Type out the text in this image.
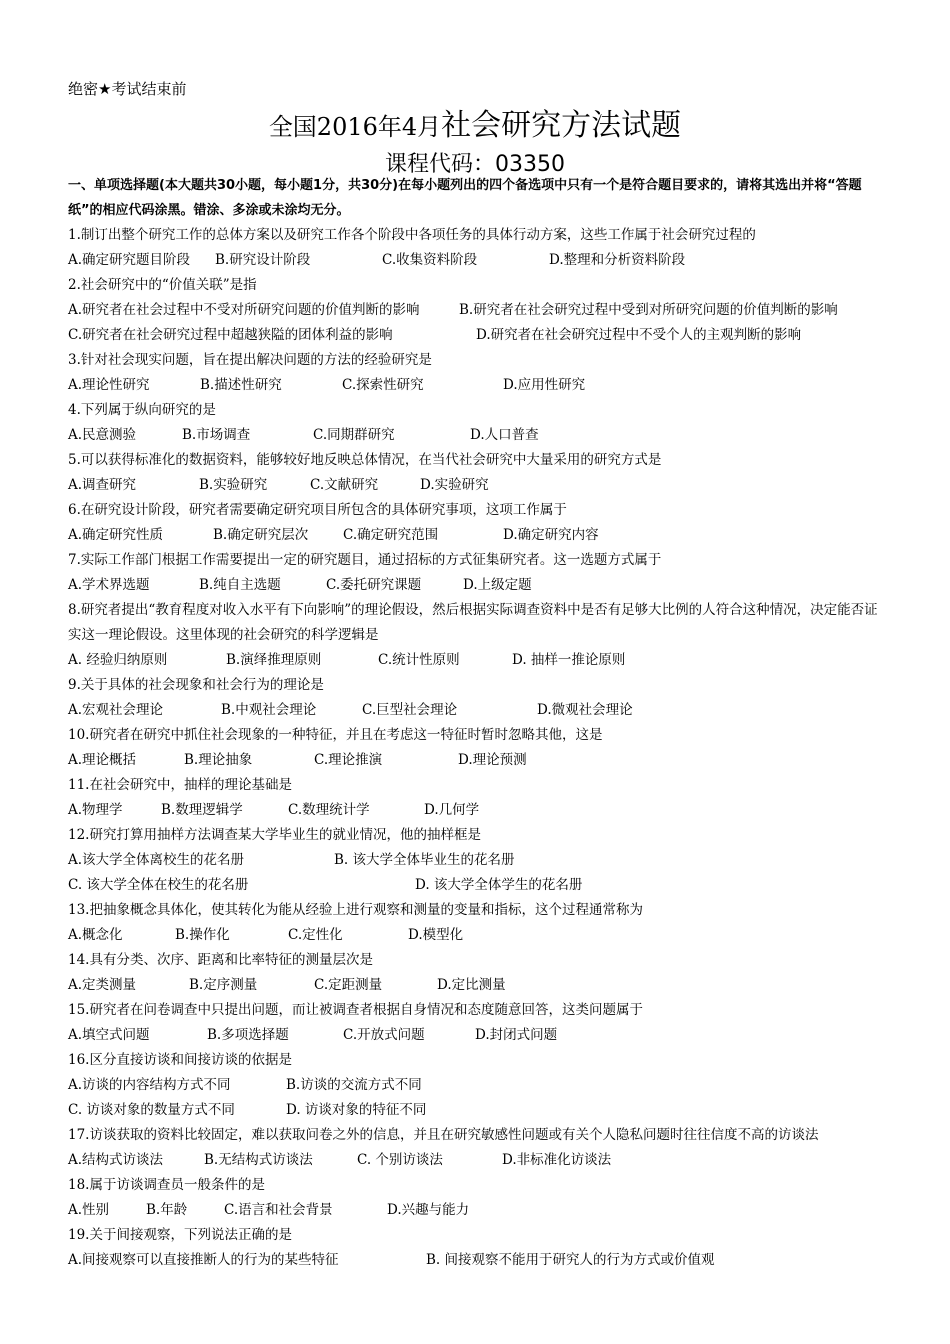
绝密★考试结束前
全国2016年4月社会研究方法试题
课程代码：03350
一、单项选择题(本大题共30小题，每小题1分，共30分)在每小题列出的四个备选项中只有一个是符合题目要求的，请将其选出并将“答题纸”的相应代码涂黑。错涂、多涂或未涂均无分。
1.制订出整个研究工作的总体方案以及研究工作各个阶段中各项任务的具体行动方案，这些工作属于社会研究过程的
A.确定研究题目阶段	B.研究设计阶段	C.收集资料阶段	D.整理和分析资料阶段
2.社会研究中的“价值关联”是指
A.研究者在社会过程中不受对所研究问题的价值判断的影响	B.研究者在社会研究过程中受到对所研究问题的价值判断的影响
C.研究者在社会研究过程中超越狭隘的团体利益的影响	D.研究者在社会研究过程中不受个人的主观判断的影响
3.针对社会现实问题，旨在提出解决问题的方法的经验研究是
A.理论性研究	B.描述性研究	C.探索性研究	D.应用性研究
4.下列属于纵向研究的是
A.民意测验	B.市场调查	C.同期群研究	D.人口普查
5.可以获得标准化的数据资料，能够较好地反映总体情况，在当代社会研究中大量采用的研究方式是
A.调查研究	B.实验研究	C.文献研究	D.实验研究
6.在研究设计阶段，研究者需要确定研究项目所包含的具体研究事项，这项工作属于
A.确定研究性质	B.确定研究层次	C.确定研究范围	D.确定研究内容
7.实际工作部门根据工作需要提出一定的研究题目，通过招标的方式征集研究者。这一选题方式属于
A.学术界选题	B.纯自主选题	C.委托研究课题	D.上级定题
8.研究者提出“教育程度对收入水平有下向影响”的理论假设，然后根据实际调查资料中是否有足够大比例的人符合这种情况，决定能否证实这一理论假设。这里体现的社会研究的科学逻辑是
A. 经验归纳原则	B.演绎推理原则	C.统计性原则	D. 抽样一推论原则
9.关于具体的社会现象和社会行为的理论是
A.宏观社会理论	B.中观社会理论	C.巨型社会理论	D.微观社会理论
10.研究者在研究中抓住社会现象的一种特征，并且在考虑这一特征时暂时忽略其他，这是
A.理论概括	B.理论抽象	C.理论推演	D.理论预测
11.在社会研究中，抽样的理论基础是
A.物理学	B.数理逻辑学	C.数理统计学	D.几何学
12.研究打算用抽样方法调查某大学毕业生的就业情况，他的抽样框是
A.该大学全体离校生的花名册	B. 该大学全体毕业生的花名册
C. 该大学全体在校生的花名册	D. 该大学全体学生的花名册
13.把抽象概念具体化，使其转化为能从经验上进行观察和测量的变量和指标，这个过程通常称为
A.概念化	B.操作化	C.定性化	D.模型化
14.具有分类、次序、距离和比率特征的测量层次是
A.定类测量	B.定序测量	C.定距测量	D.定比测量
15.研究者在问卷调查中只提出问题，而让被调查者根据自身情况和态度随意回答，这类问题属于
A.填空式问题	B.多项选择题	C.开放式问题	D.封闭式问题
16.区分直接访谈和间接访谈的依据是
A.访谈的内容结构方式不同	B.访谈的交流方式不同
C. 访谈对象的数量方式不同	D. 访谈对象的特征不同
17.访谈获取的资料比较固定，难以获取问卷之外的信息，并且在研究敏感性问题或有关个人隐私问题时往往信度不高的访谈法
A.结构式访谈法	B.无结构式访谈法	C. 个别访谈法	D.非标准化访谈法
18.属于访谈调查员一般条件的是
A.性别	B.年龄	C.语言和社会背景	D.兴趣与能力
19.关于间接观察，下列说法正确的是
A.间接观察可以直接推断人的行为的某些特征	B. 间接观察不能用于研究人的行为方式或价值观
